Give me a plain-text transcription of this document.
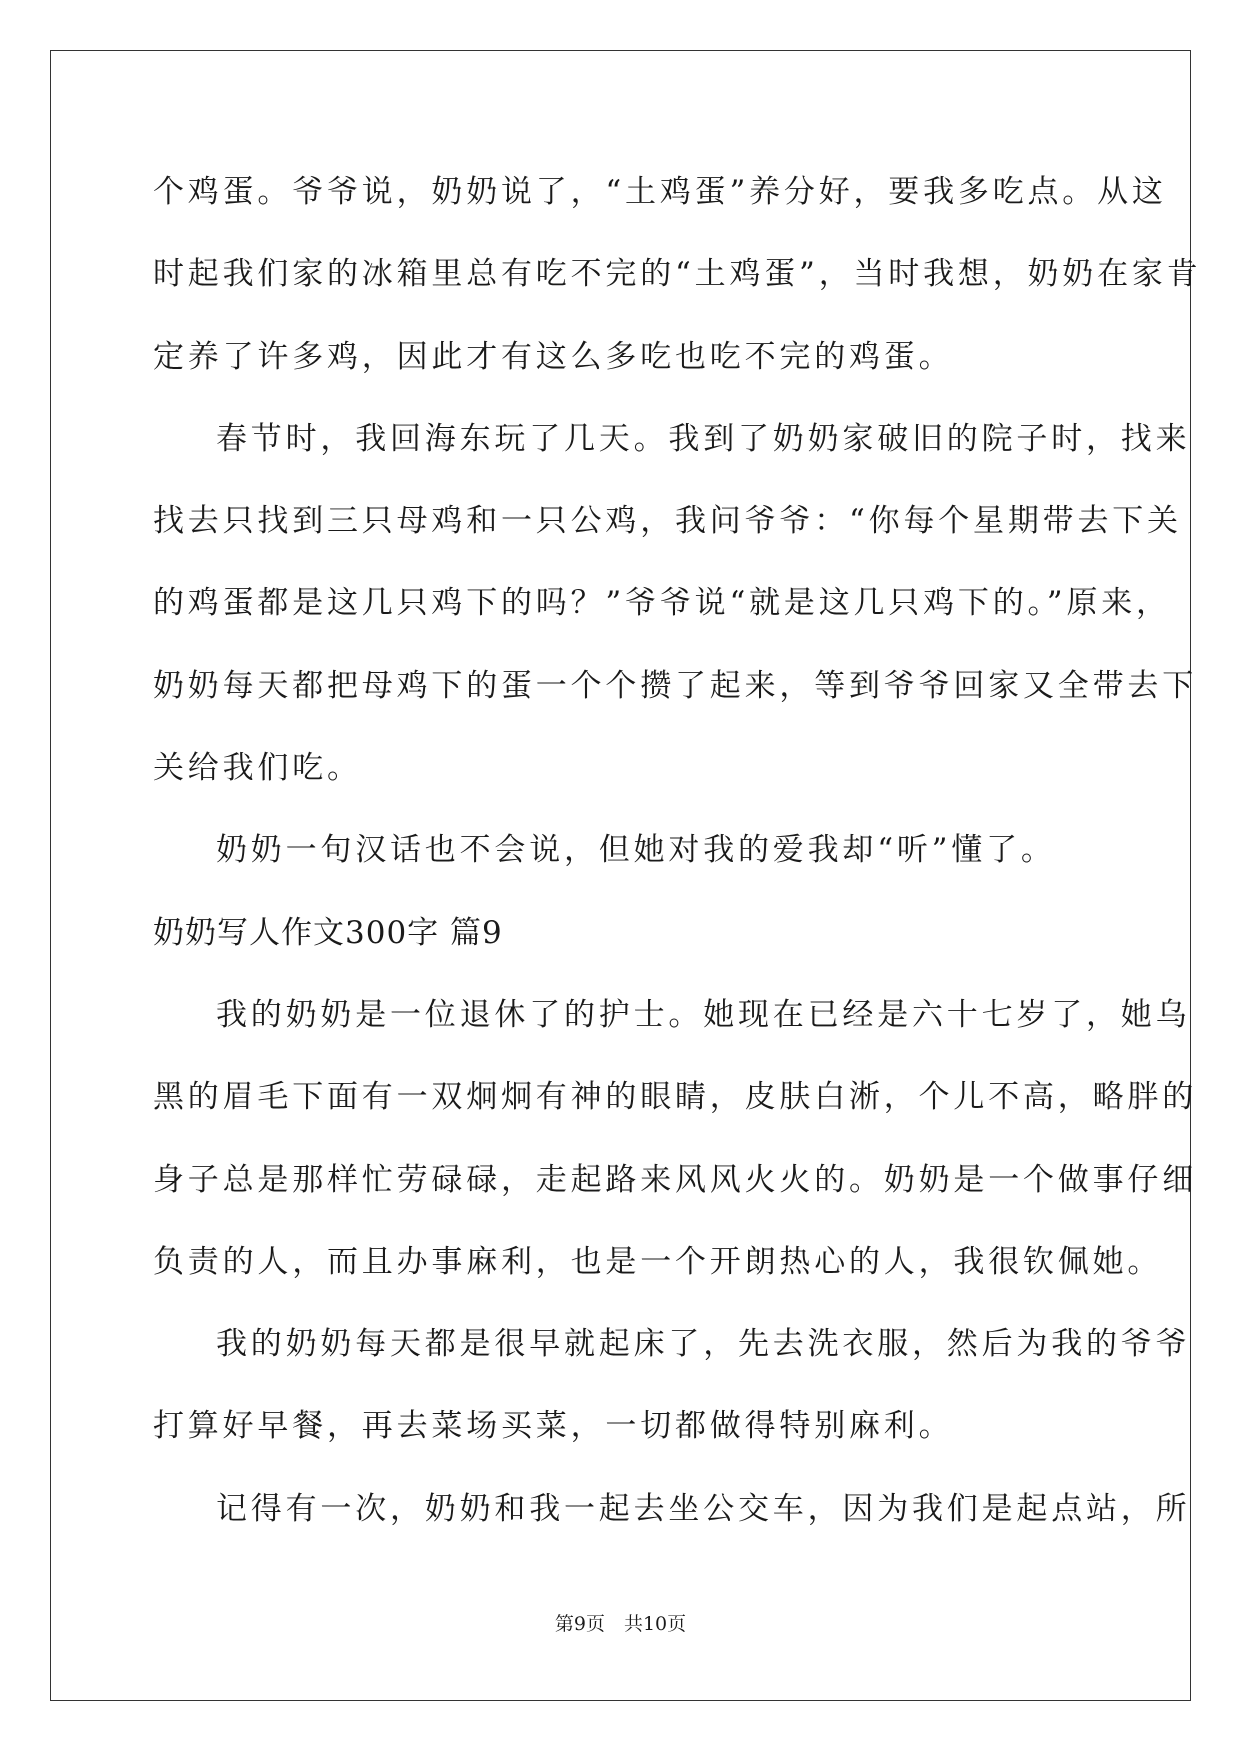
个鸡蛋。爷爷说，奶奶说了，“土鸡蛋”养分好，要我多吃点。从这
时起我们家的冰箱里总有吃不完的“土鸡蛋”，当时我想，奶奶在家肯
定养了许多鸡，因此才有这么多吃也吃不完的鸡蛋。
春节时，我回海东玩了几天。我到了奶奶家破旧的院子时，找来
找去只找到三只母鸡和一只公鸡，我问爷爷：“你每个星期带去下关
的鸡蛋都是这几只鸡下的吗？”爷爷说“就是这几只鸡下的。”原来，
奶奶每天都把母鸡下的蛋一个个攒了起来，等到爷爷回家又全带去下
关给我们吃。
奶奶一句汉话也不会说，但她对我的爱我却“听”懂了。
奶奶写人作文300字 篇9
我的奶奶是一位退休了的护士。她现在已经是六十七岁了，她乌
黑的眉毛下面有一双炯炯有神的眼睛，皮肤白淅，个儿不高，略胖的
身子总是那样忙劳碌碌，走起路来风风火火的。奶奶是一个做事仔细
负责的人，而且办事麻利，也是一个开朗热心的人，我很钦佩她。
我的奶奶每天都是很早就起床了，先去洗衣服，然后为我的爷爷
打算好早餐，再去菜场买菜，一切都做得特别麻利。
记得有一次，奶奶和我一起去坐公交车，因为我们是起点站，所
第9页　共10页
